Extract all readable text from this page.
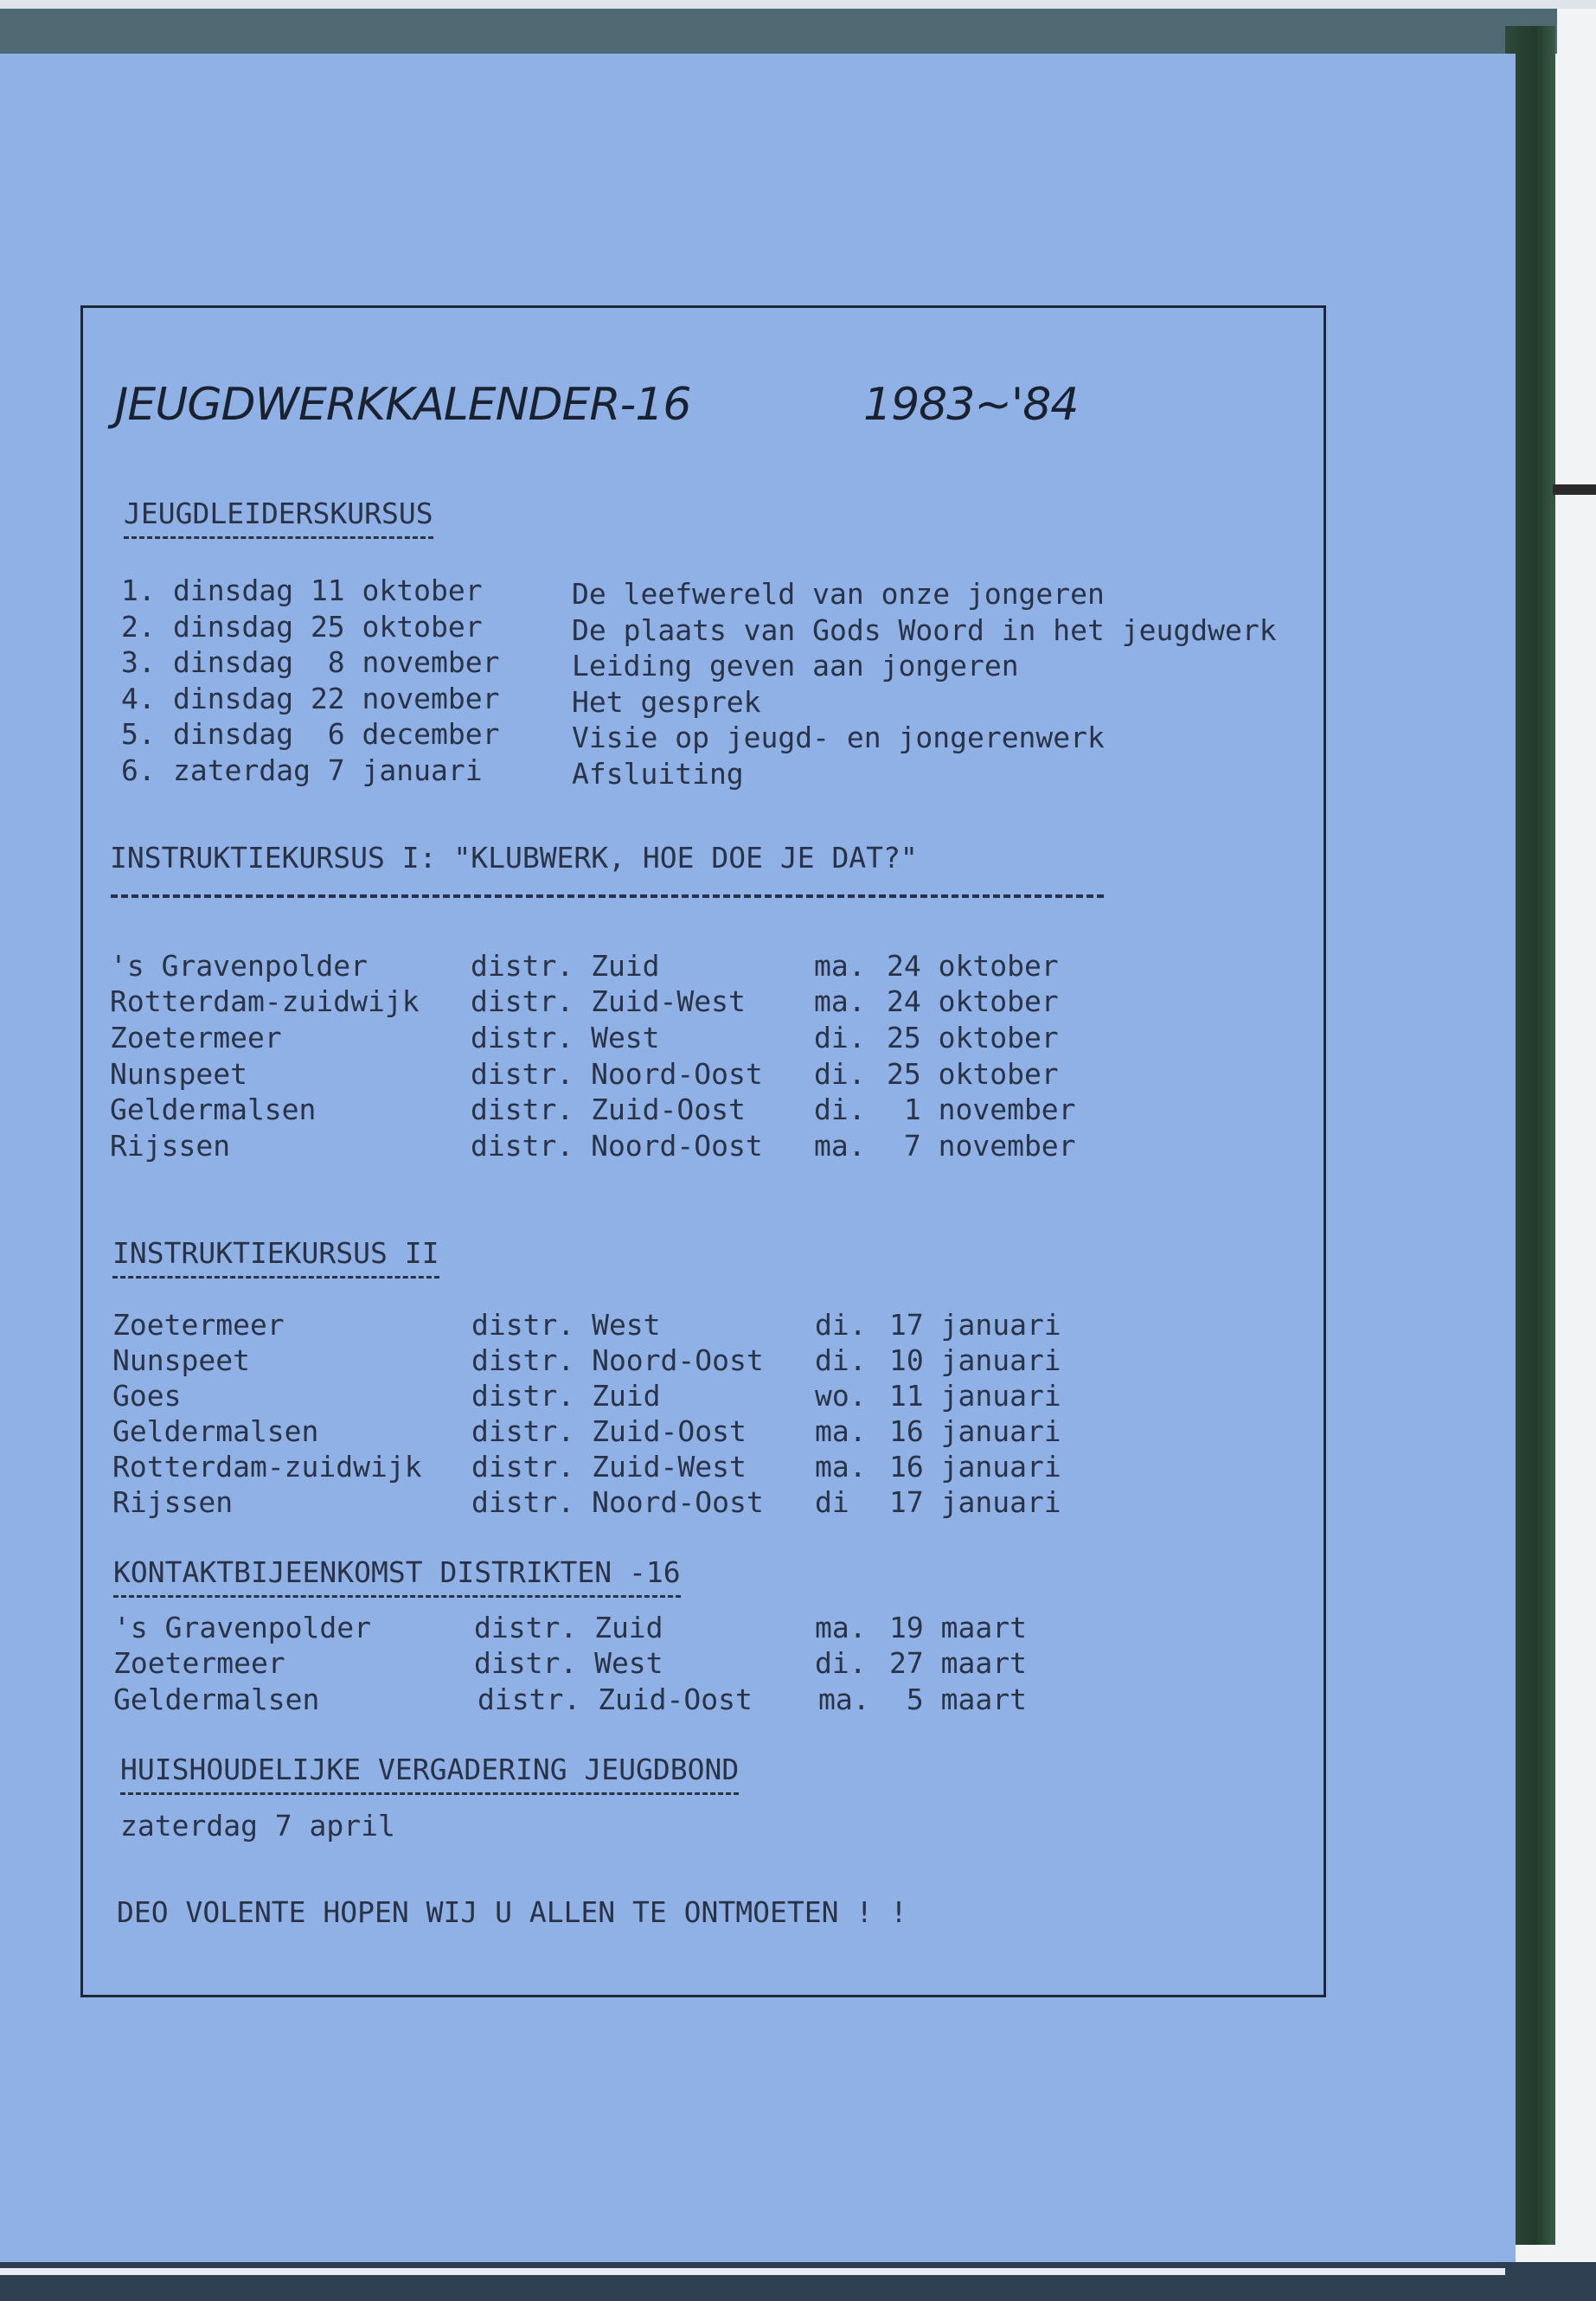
JEUGDWERKKALENDER-16	1983~'84
JEUGDLEIDERSKURSUS
1. dinsdag 11 oktober	De leefwereld van onze jongeren
2. dinsdag 25 oktober	De plaats van Gods Woord in het jeugdwerk
3. dinsdag  8 november	Leiding geven aan jongeren
4. dinsdag 22 november	Het gesprek
5. dinsdag  6 december	Visie op jeugd- en jongerenwerk
6. zaterdag 7 januari	Afsluiting
INSTRUKTIEKURSUS I: "KLUBWERK, HOE DOE JE DAT?"
's Gravenpolder	distr. Zuid	ma. 24 oktober
Rotterdam-zuidwijk distr. Zuid-West ma. 24 oktober
Zoetermeer	distr. West	di. 25 oktober
Nunspeet	distr. Noord-Oost di. 25 oktober
Geldermalsen	distr. Zuid-Oost di. 1 november
Rijssen	distr. Noord-Oost ma. 7 november
INSTRUKTIEKURSUS II
Zoetermeer	distr. West	di. 17 januari
Nunspeet	distr. Noord-Oost di. 10 januari
Goes	distr. Zuid	wo. 11 januari
Geldermalsen	distr. Zuid-Oost ma. 16 januari
Rotterdam-zuidwijk distr. Zuid-West ma. 16 januari
Rijssen	distr. Noord-Oost di 17 januari
KONTAKTBIJEENKOMST DISTRIKTEN -16
's Gravenpolder	distr. Zuid	ma. 19 maart
Zoetermeer	distr. West	di. 27 maart
Geldermalsen	distr. Zuid-Oost ma. 5 maart
HUISHOUDELIJKE VERGADERING JEUGDBOND
zaterdag 7 april
DEO VOLENTE HOPEN WIJ U ALLEN TE ONTMOETEN ! !
